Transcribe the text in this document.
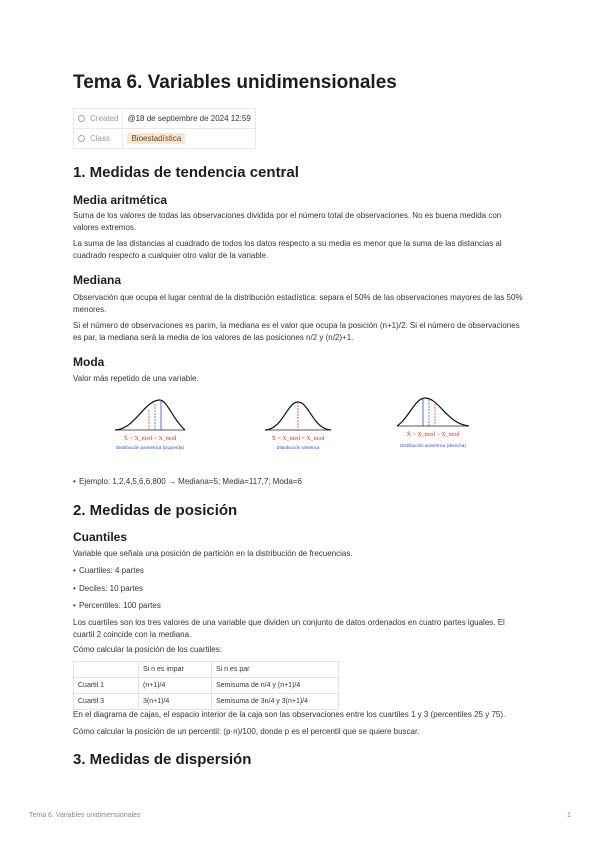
Tema 6. Variables unidimensionales
Created	@18 de septiembre de 2024 12:59
Class	Bioestadística
1. Medidas de tendencia central
Media aritmética

Suma de los valores de todas las observaciones dividida por el número total de observaciones. No es buena medida con valores extremos.

La suma de las distancias al cuadrado de todos los datos respecto a su media es menor que la suma de las distancias al cuadrado respecto a cualquier otro valor de la variable.

Mediana

Observación que ocupa el lugar central de la distribución estadística: separa el 50% de las observaciones mayores de las 50% menores.

Si el número de observaciones es parim, la mediana es el valor que ocupa la posición (n+1)/2. Si el número de observaciones es par, la mediana será la media de los valores de las posiciones n/2 y (n/2)+1.

Moda

Valor más repetido de una variable.

X̄ < X_med < X_mod
Distribución asimétrica (izquierda)
X̄ = X_med = X_mod
Distribución simétrica
X̄ > X_med > X_mod
Distribución asimétrica (derecha)
• Ejemplo: 1,2,4,5,6,6,800 → Mediana=5; Media=117,7; Moda=6
2. Medidas de posición
Cuantiles

Variable que señala una posición de partición en la distribución de frecuencias.

• Cuartiles: 4 partes
• Deciles: 10 partes
• Percentiles: 100 partes

Los cuartiles son los tres valores de una variable que dividen un conjunto de datos ordenados en cuatro partes iguales. El cuartil 2 coincide con la mediana.

Cómo calcular la posición de los cuartiles:

	Si n es impar	Si n es par
Cuartil 1	(n+1)/4	Semisuma de n/4 y (n+1)/4
Cuartil 3	3(n+1)/4	Semisuma de 3n/4 y 3(n+1)/4

En el diagrama de cajas, el espacio interior de la caja son las observaciones entre los cuartiles 1 y 3 (percentiles 25 y 75).

Cómo calcular la posición de un percentil: (p·n)/100, donde p es el percentil que se quiere buscar.

3. Medidas de dispersión
Tema 6. Variables unidimensionales	1
